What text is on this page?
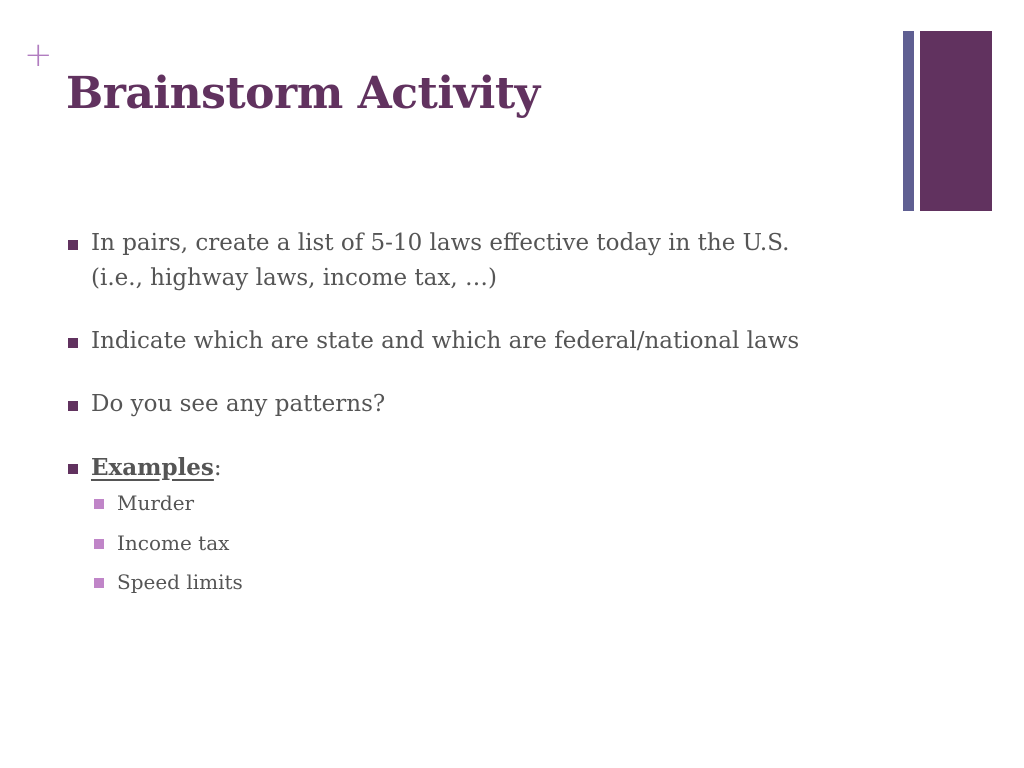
+
Brainstorm Activity
In pairs, create a list of 5-10 laws effective today in the U.S.
(i.e., highway laws, income tax, …)
Indicate which are state and which are federal/national laws
Do you see any patterns?
Examples:
Murder
Income tax
Speed limits
